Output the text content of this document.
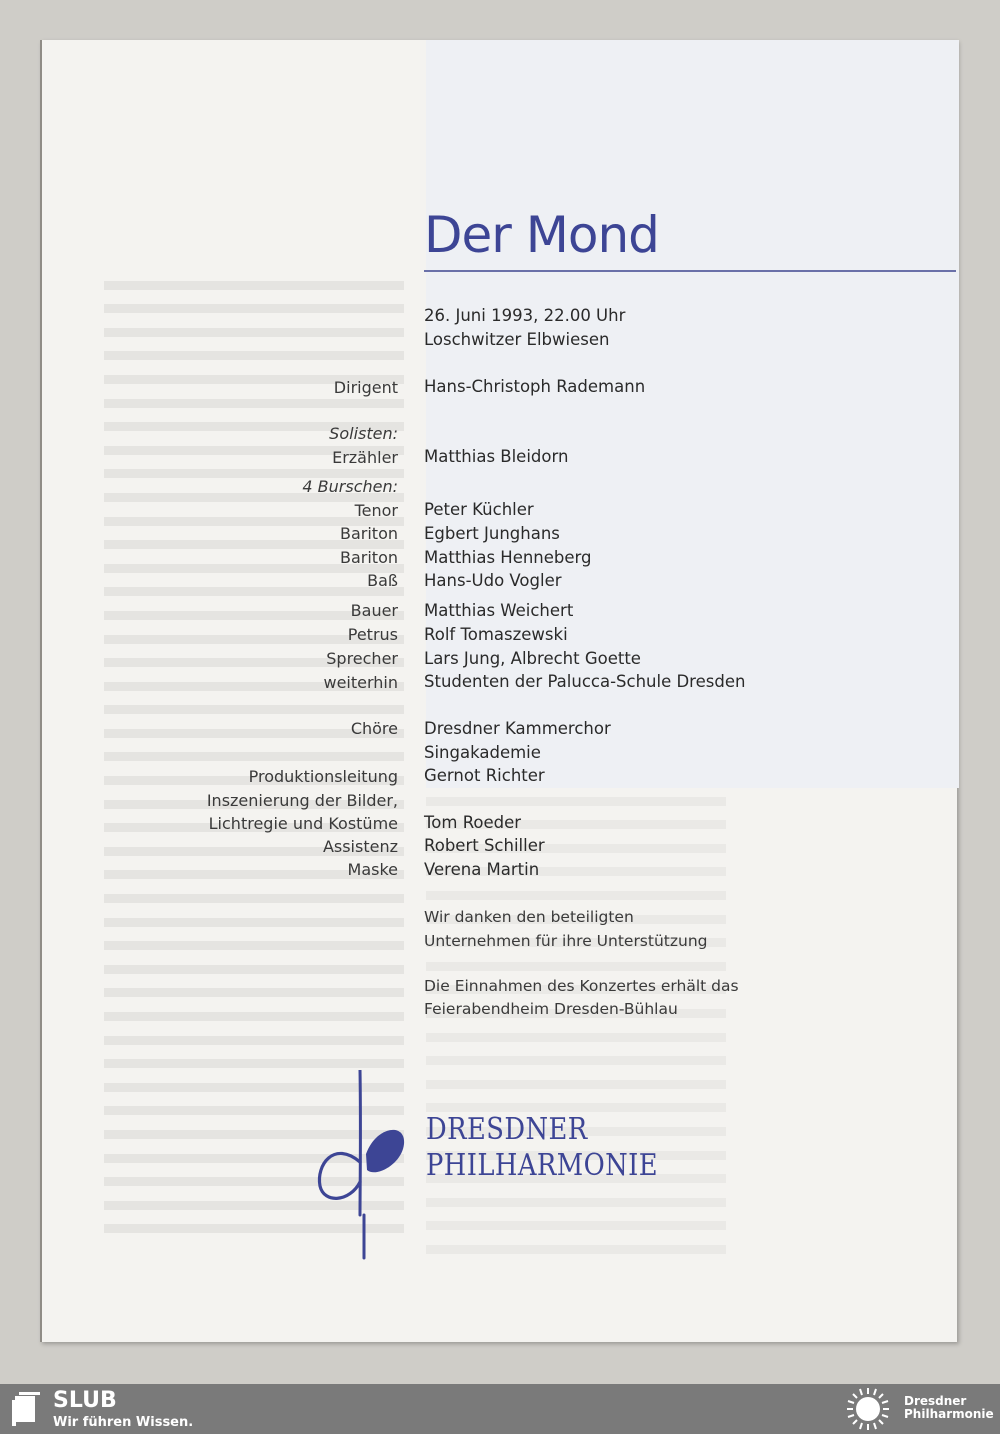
Der Mond
26. Juni 1993, 22.00 Uhr
Loschwitzer Elbwiesen
Dirigent Hans-Christoph Rademann
Solisten:
Erzähler Matthias Bleidorn
4 Burschen:
Tenor Peter Küchler
Bariton Egbert Junghans
Bariton Matthias Henneberg
Baß Hans-Udo Vogler
Bauer Matthias Weichert
Petrus Rolf Tomaszewski
Sprecher Lars Jung, Albrecht Goette
weiterhin Studenten der Palucca-Schule Dresden
Chöre Dresdner Kammerchor
Singakademie
Produktionsleitung Gernot Richter
Inszenierung der Bilder,
Lichtregie und Kostüme Tom Roeder
Assistenz Robert Schiller
Maske Verena Martin
Wir danken den beteiligten
Unternehmen für ihre Unterstützung
Die Einnahmen des Konzertes erhält das
Feierabendheim Dresden-Bühlau
DRESDNER
PHILHARMONIE
SLUB
Wir führen Wissen.
Dresdner
Philharmonie
